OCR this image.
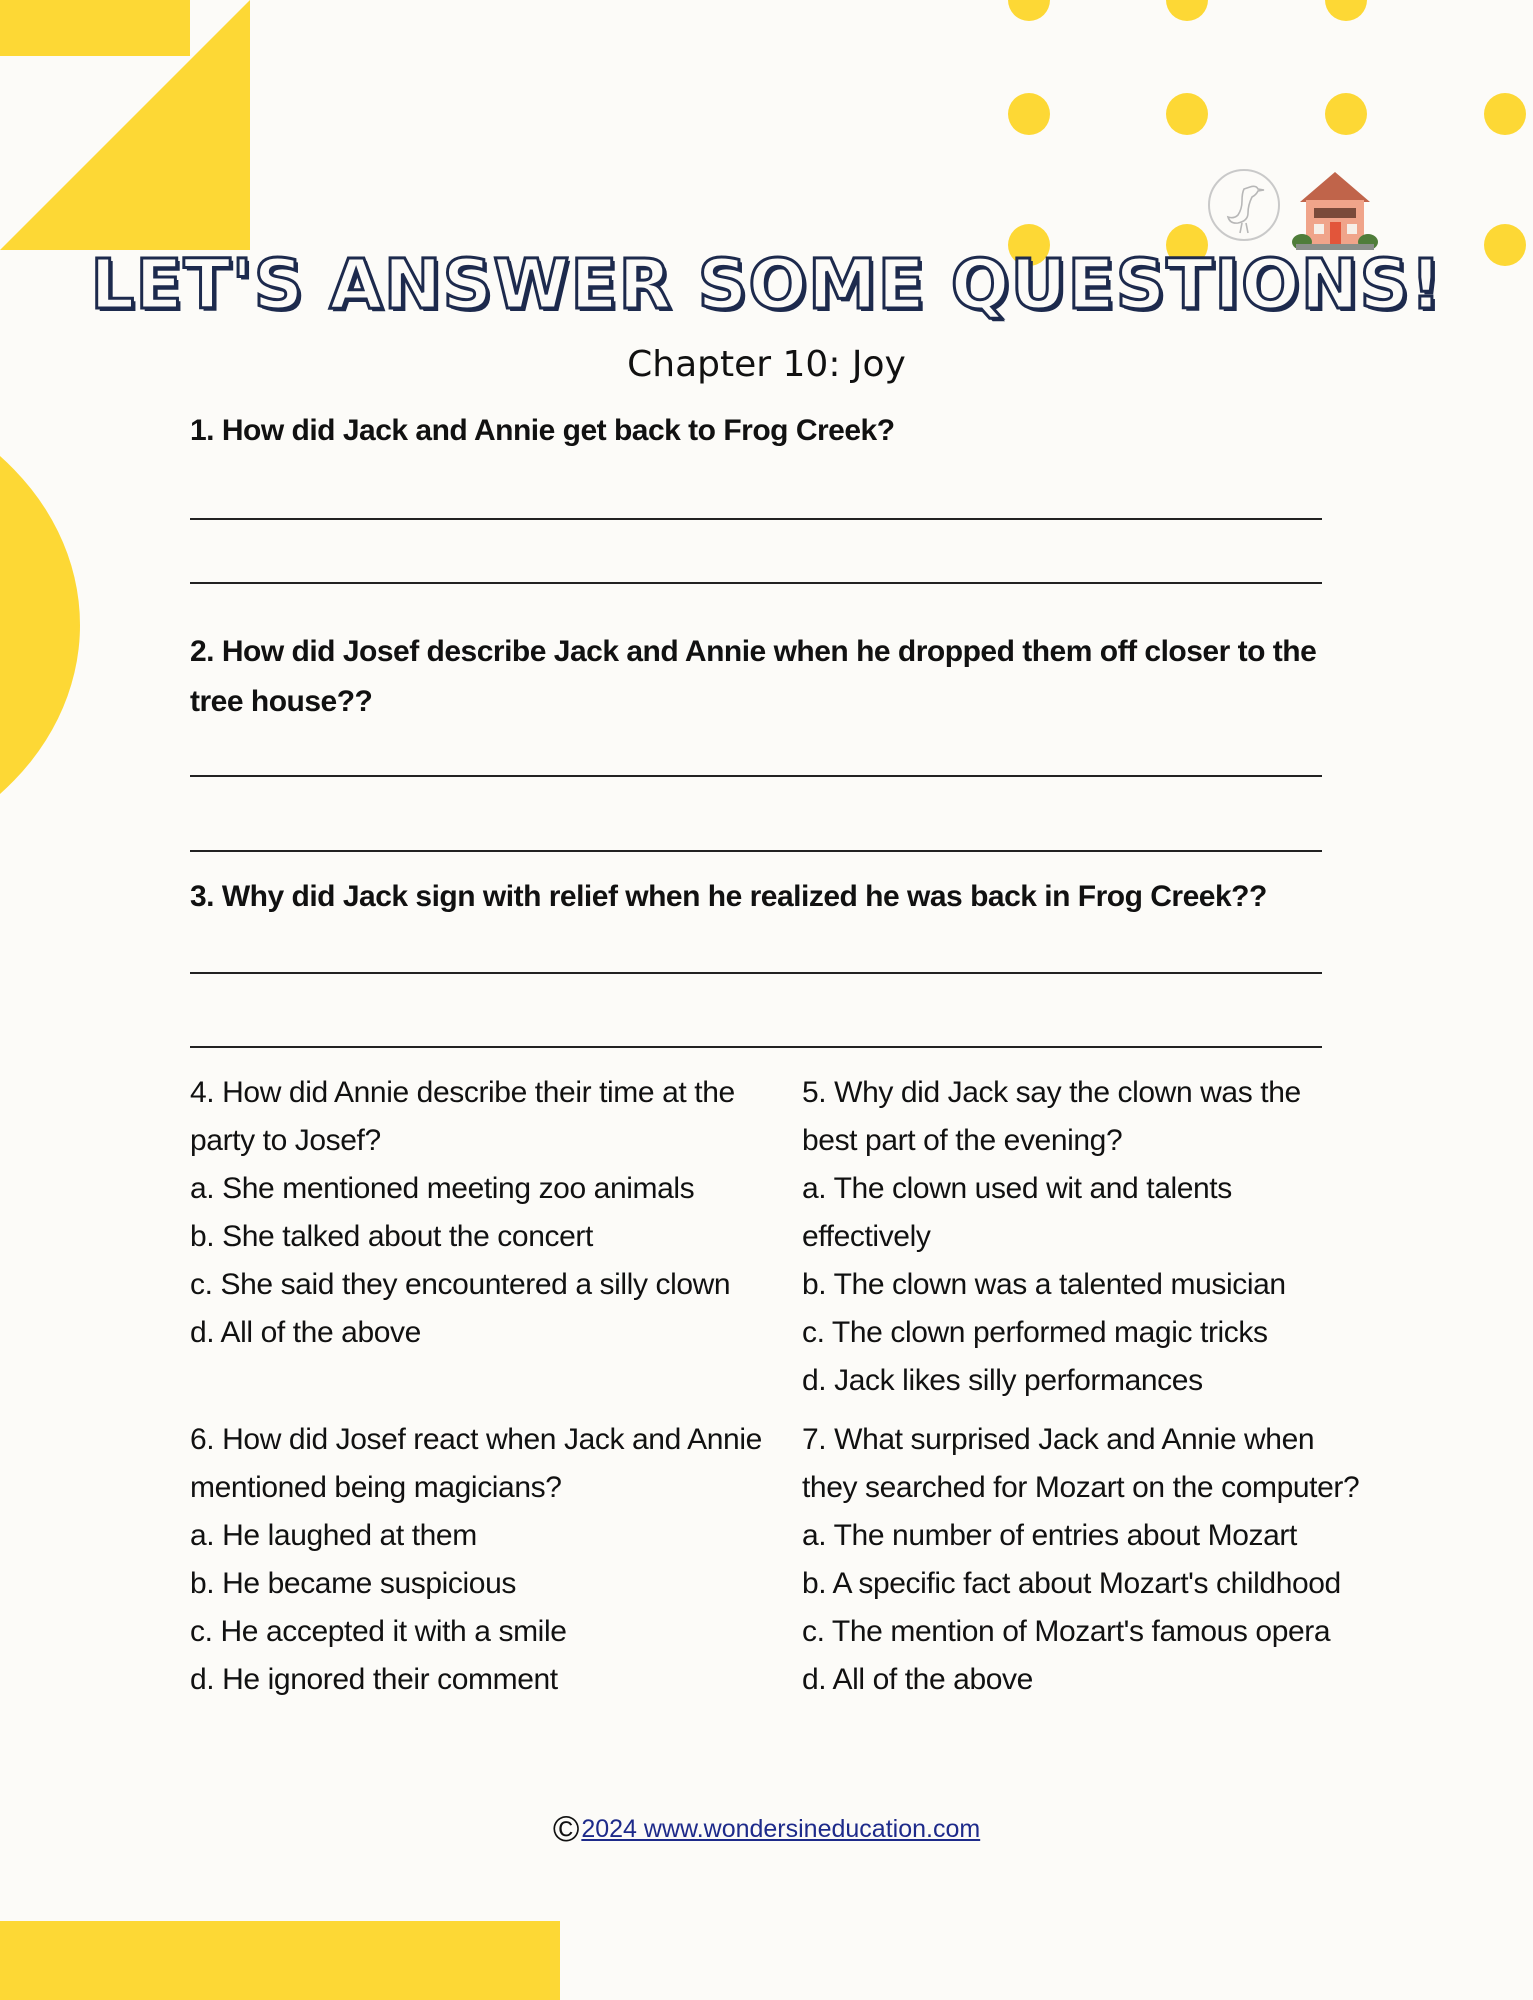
LET'S ANSWER SOME QUESTIONS!
Chapter 10: Joy
1. How did Jack and Annie get back to Frog Creek?
2. How did Josef describe Jack and Annie when he dropped them off closer to the tree house??
3. Why did Jack sign with relief when he realized he was back in Frog Creek??
4. How did Annie describe their time at the party to Josef?
a. She mentioned meeting zoo animals
b. She talked about the concert
c. She said they encountered a silly clown
d. All of the above
5. Why did Jack say the clown was the best part of the evening?
a. The clown used wit and talents effectively
b. The clown was a talented musician
c. The clown performed magic tricks
d. Jack likes silly performances
6. How did Josef react when Jack and Annie mentioned being magicians?
a. He laughed at them
b. He became suspicious
c. He accepted it with a smile
d. He ignored their comment
7. What surprised Jack and Annie when they searched for Mozart on the computer?
a. The number of entries about Mozart
b. A specific fact about Mozart's childhood
c. The mention of Mozart's famous opera
d. All of the above
©2024 www.wondersineducation.com
